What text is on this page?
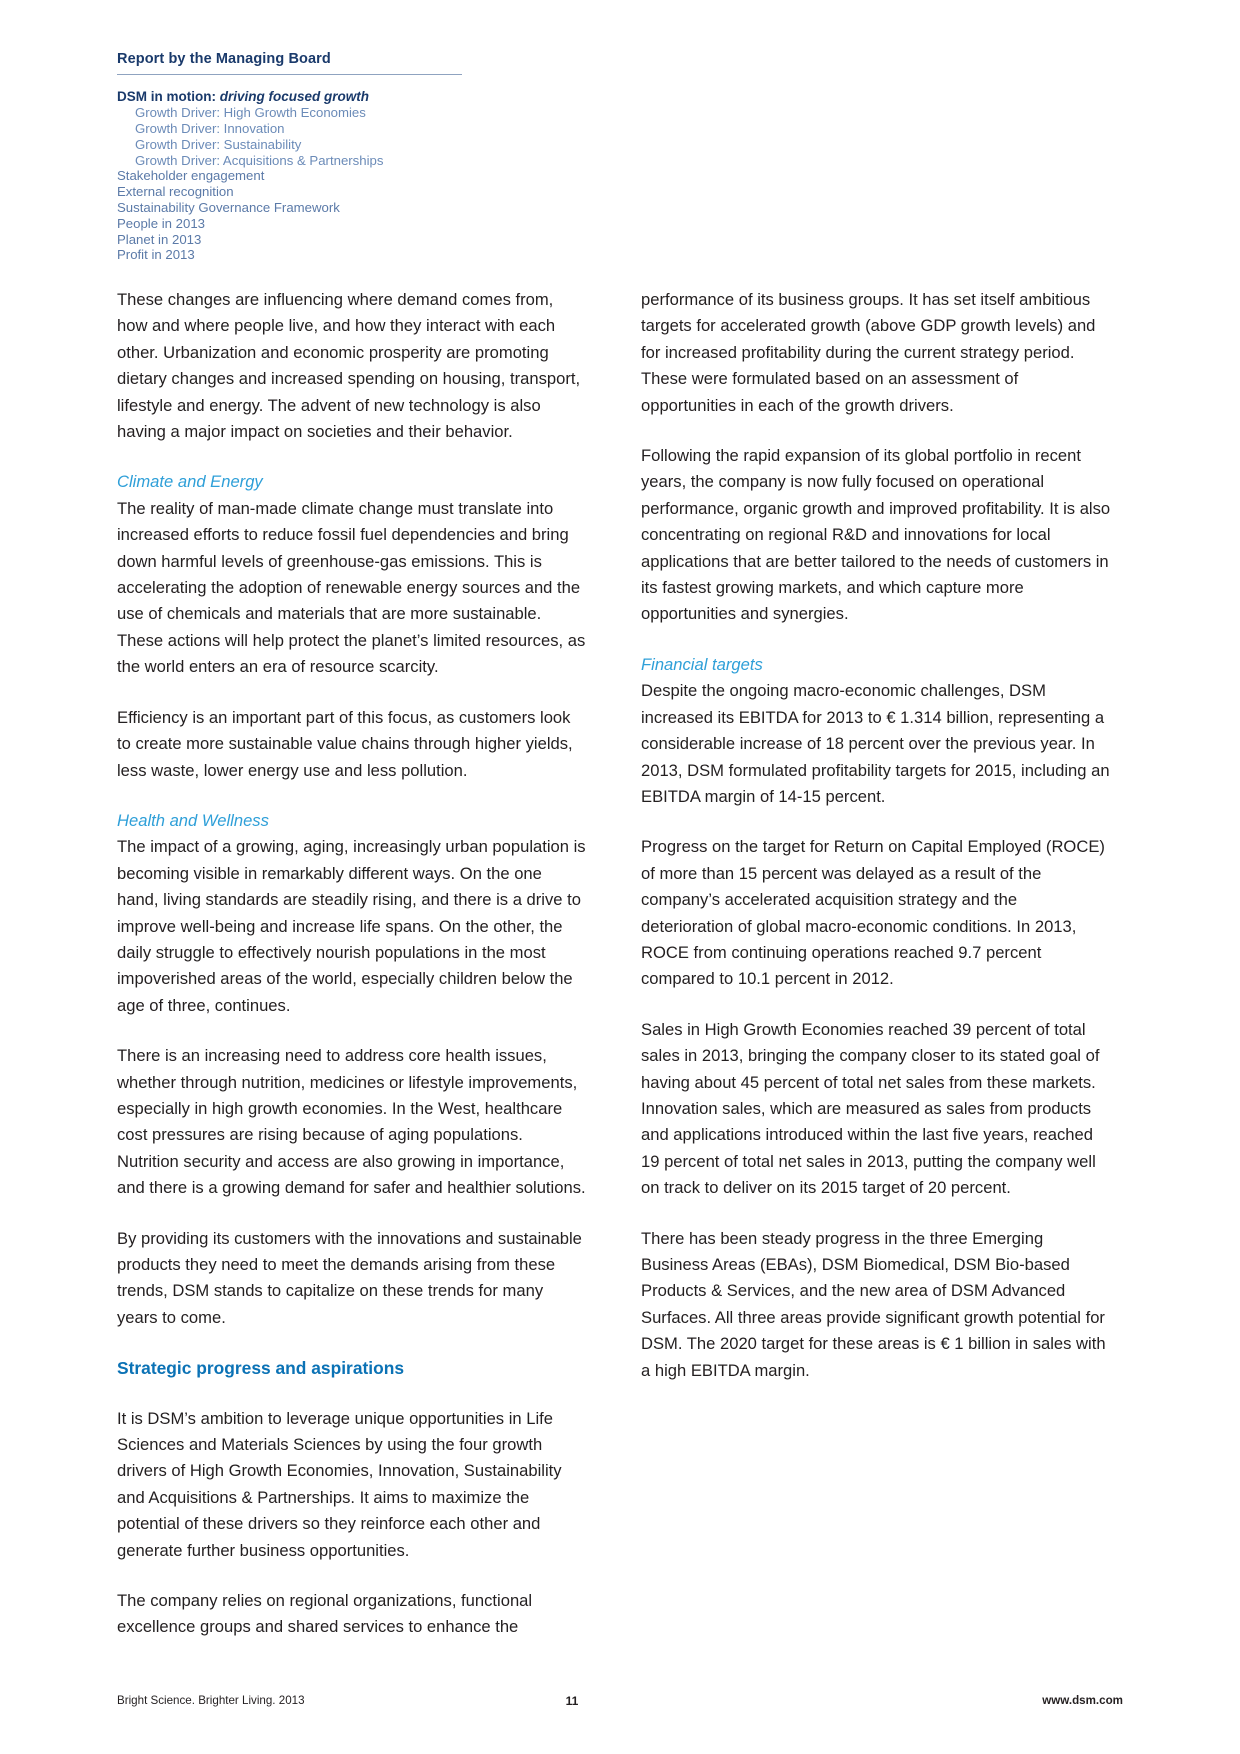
Report by the Managing Board
DSM in motion: driving focused growth
Growth Driver: High Growth Economies
Growth Driver: Innovation
Growth Driver: Sustainability
Growth Driver: Acquisitions & Partnerships
Stakeholder engagement
External recognition
Sustainability Governance Framework
People in 2013
Planet in 2013
Profit in 2013

These changes are influencing where demand comes from, how and where people live, and how they interact with each other. Urbanization and economic prosperity are promoting dietary changes and increased spending on housing, transport, lifestyle and energy. The advent of new technology is also having a major impact on societies and their behavior.

Climate and Energy

The reality of man-made climate change must translate into increased efforts to reduce fossil fuel dependencies and bring down harmful levels of greenhouse-gas emissions. This is accelerating the adoption of renewable energy sources and the use of chemicals and materials that are more sustainable. These actions will help protect the planet’s limited resources, as the world enters an era of resource scarcity.

Efficiency is an important part of this focus, as customers look to create more sustainable value chains through higher yields, less waste, lower energy use and less pollution.

Health and Wellness

The impact of a growing, aging, increasingly urban population is becoming visible in remarkably different ways. On the one hand, living standards are steadily rising, and there is a drive to improve well-being and increase life spans. On the other, the daily struggle to effectively nourish populations in the most impoverished areas of the world, especially children below the age of three, continues.

There is an increasing need to address core health issues, whether through nutrition, medicines or lifestyle improvements, especially in high growth economies. In the West, healthcare cost pressures are rising because of aging populations. Nutrition security and access are also growing in importance, and there is a growing demand for safer and healthier solutions.

By providing its customers with the innovations and sustainable products they need to meet the demands arising from these trends, DSM stands to capitalize on these trends for many years to come.

Strategic progress and aspirations

It is DSM’s ambition to leverage unique opportunities in Life Sciences and Materials Sciences by using the four growth drivers of High Growth Economies, Innovation, Sustainability and Acquisitions & Partnerships. It aims to maximize the potential of these drivers so they reinforce each other and generate further business opportunities.

The company relies on regional organizations, functional excellence groups and shared services to enhance the

performance of its business groups. It has set itself ambitious targets for accelerated growth (above GDP growth levels) and for increased profitability during the current strategy period. These were formulated based on an assessment of opportunities in each of the growth drivers.

Following the rapid expansion of its global portfolio in recent years, the company is now fully focused on operational performance, organic growth and improved profitability. It is also concentrating on regional R&D and innovations for local applications that are better tailored to the needs of customers in its fastest growing markets, and which capture more opportunities and synergies.

Financial targets

Despite the ongoing macro-economic challenges, DSM increased its EBITDA for 2013 to € 1.314 billion, representing a considerable increase of 18 percent over the previous year. In 2013, DSM formulated profitability targets for 2015, including an EBITDA margin of 14-15 percent.

Progress on the target for Return on Capital Employed (ROCE) of more than 15 percent was delayed as a result of the company’s accelerated acquisition strategy and the deterioration of global macro-economic conditions. In 2013, ROCE from continuing operations reached 9.7 percent compared to 10.1 percent in 2012.

Sales in High Growth Economies reached 39 percent of total sales in 2013, bringing the company closer to its stated goal of having about 45 percent of total net sales from these markets. Innovation sales, which are measured as sales from products and applications introduced within the last five years, reached 19 percent of total net sales in 2013, putting the company well on track to deliver on its 2015 target of 20 percent.

There has been steady progress in the three Emerging Business Areas (EBAs), DSM Biomedical, DSM Bio-based Products & Services, and the new area of DSM Advanced Surfaces. All three areas provide significant growth potential for DSM. The 2020 target for these areas is € 1 billion in sales with a high EBITDA margin.

Bright Science. Brighter Living. 2013	11	www.dsm.com
